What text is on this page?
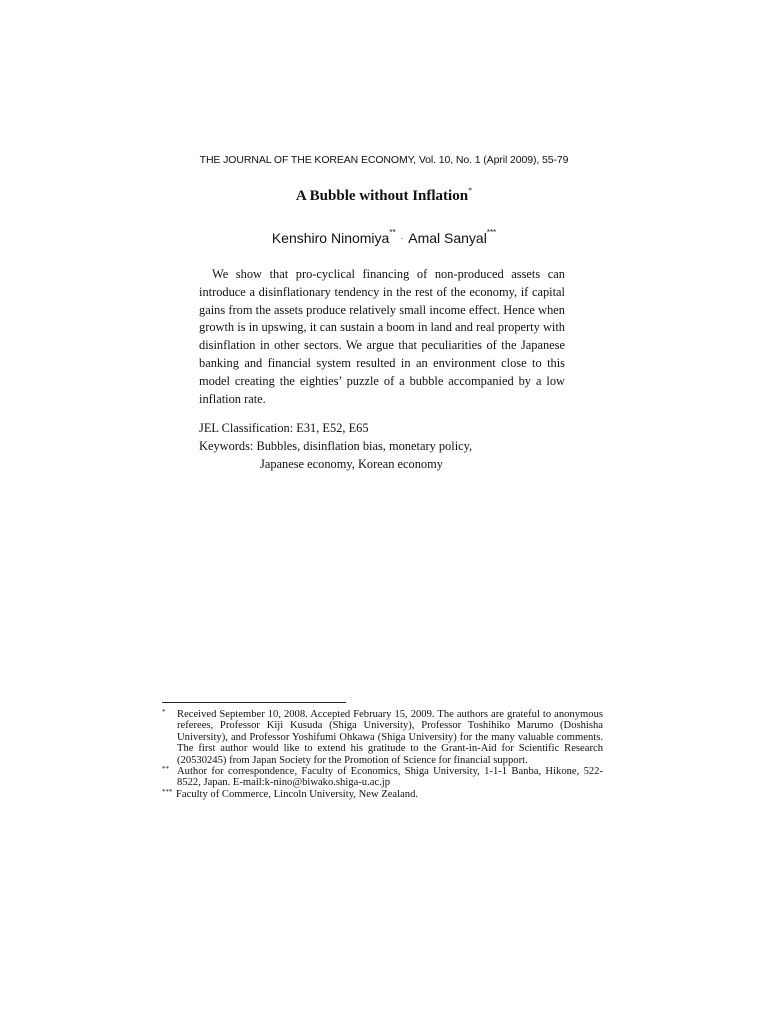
THE JOURNAL OF THE KOREAN ECONOMY, Vol. 10, No. 1 (April 2009), 55-79
A Bubble without Inflation*
Kenshiro Ninomiya**· Amal Sanyal***

We show that pro-cyclical financing of non-produced assets can introduce a disinflationary tendency in the rest of the economy, if capital gains from the assets produce relatively small income effect. Hence when growth is in upswing, it can sustain a boom in land and real property with disinflation in other sectors. We argue that peculiarities of the Japanese banking and financial system resulted in an environment close to this model creating the eighties’ puzzle of a bubble accompanied by a low inflation rate.

JEL Classification: E31, E52, E65
Keywords: Bubbles, disinflation bias, monetary policy,
Japanese economy, Korean economy
* Received September 10, 2008. Accepted February 15, 2009. The authors are grateful to anonymous referees, Professor Kiji Kusuda (Shiga University), Professor Toshihiko Marumo (Doshisha University), and Professor Yoshifumi Ohkawa (Shiga University) for the many valuable comments. The first author would like to extend his gratitude to the Grant-in-Aid for Scientific Research (20530245) from Japan Society for the Promotion of Science for financial support.
** Author for correspondence, Faculty of Economics, Shiga University, 1-1-1 Banba, Hikone, 522-8522, Japan. E-mail:k-nino@biwako.shiga-u.ac.jp
*** Faculty of Commerce, Lincoln University, New Zealand.
